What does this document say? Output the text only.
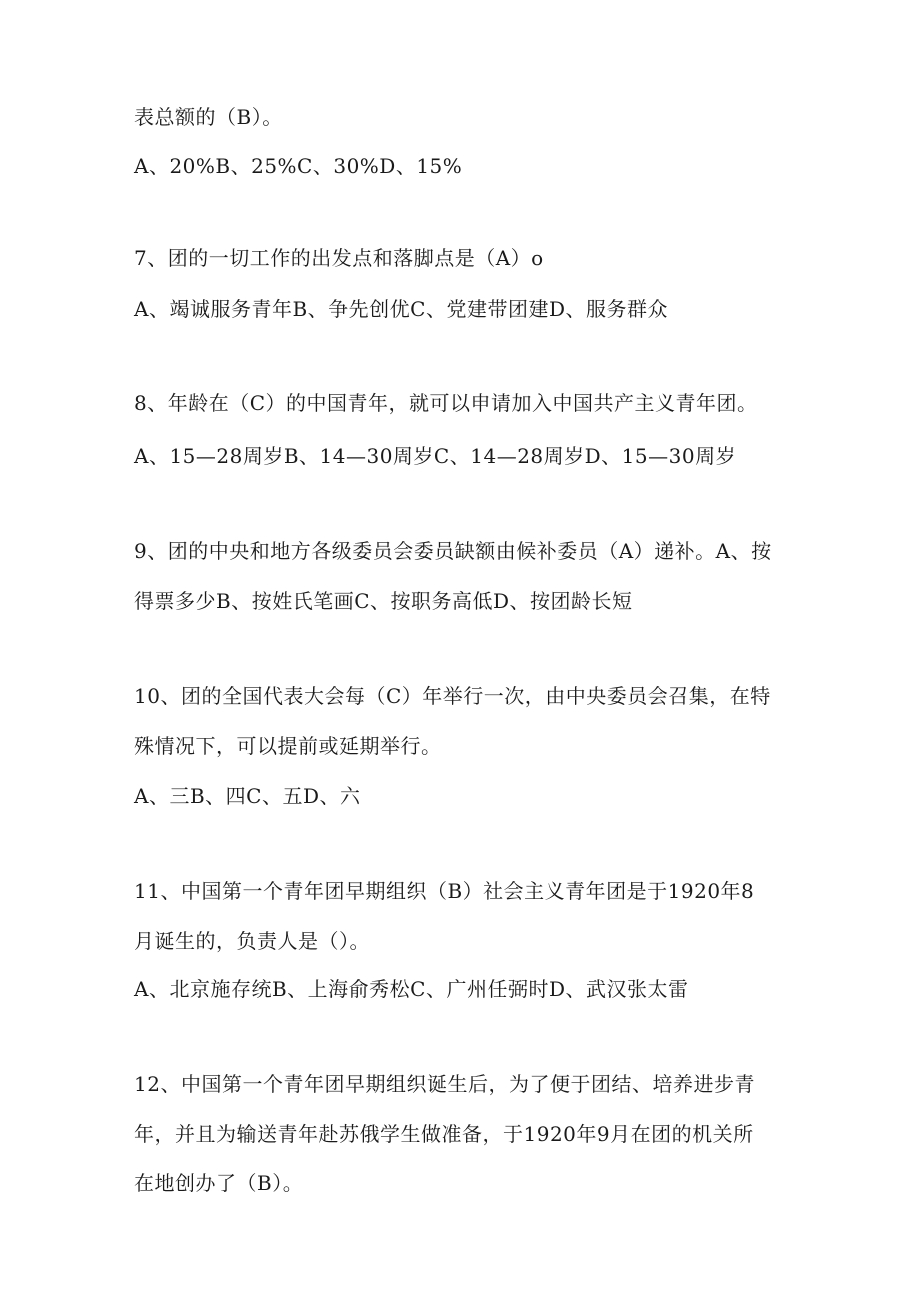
表总额的（B）。
A、20%B、25%C、30%D、15%
7、团的一切工作的出发点和落脚点是（A）o
A、竭诚服务青年B、争先创优C、党建带团建D、服务群众
8、年龄在（C）的中国青年，就可以申请加入中国共产主义青年团。
A、15—28周岁B、14—30周岁C、14—28周岁D、15—30周岁
9、团的中央和地方各级委员会委员缺额由候补委员（A）递补。A、按
得票多少B、按姓氏笔画C、按职务高低D、按团龄长短
10、团的全国代表大会每（C）年举行一次，由中央委员会召集，在特
殊情况下，可以提前或延期举行。
A、三B、四C、五D、六
11、中国第一个青年团早期组织（B）社会主义青年团是于1920年8
月诞生的，负责人是（）。
A、北京施存统B、上海俞秀松C、广州任弼时D、武汉张太雷
12、中国第一个青年团早期组织诞生后，为了便于团结、培养进步青
年，并且为输送青年赴苏俄学生做准备，于1920年9月在团的机关所
在地创办了（B）。
